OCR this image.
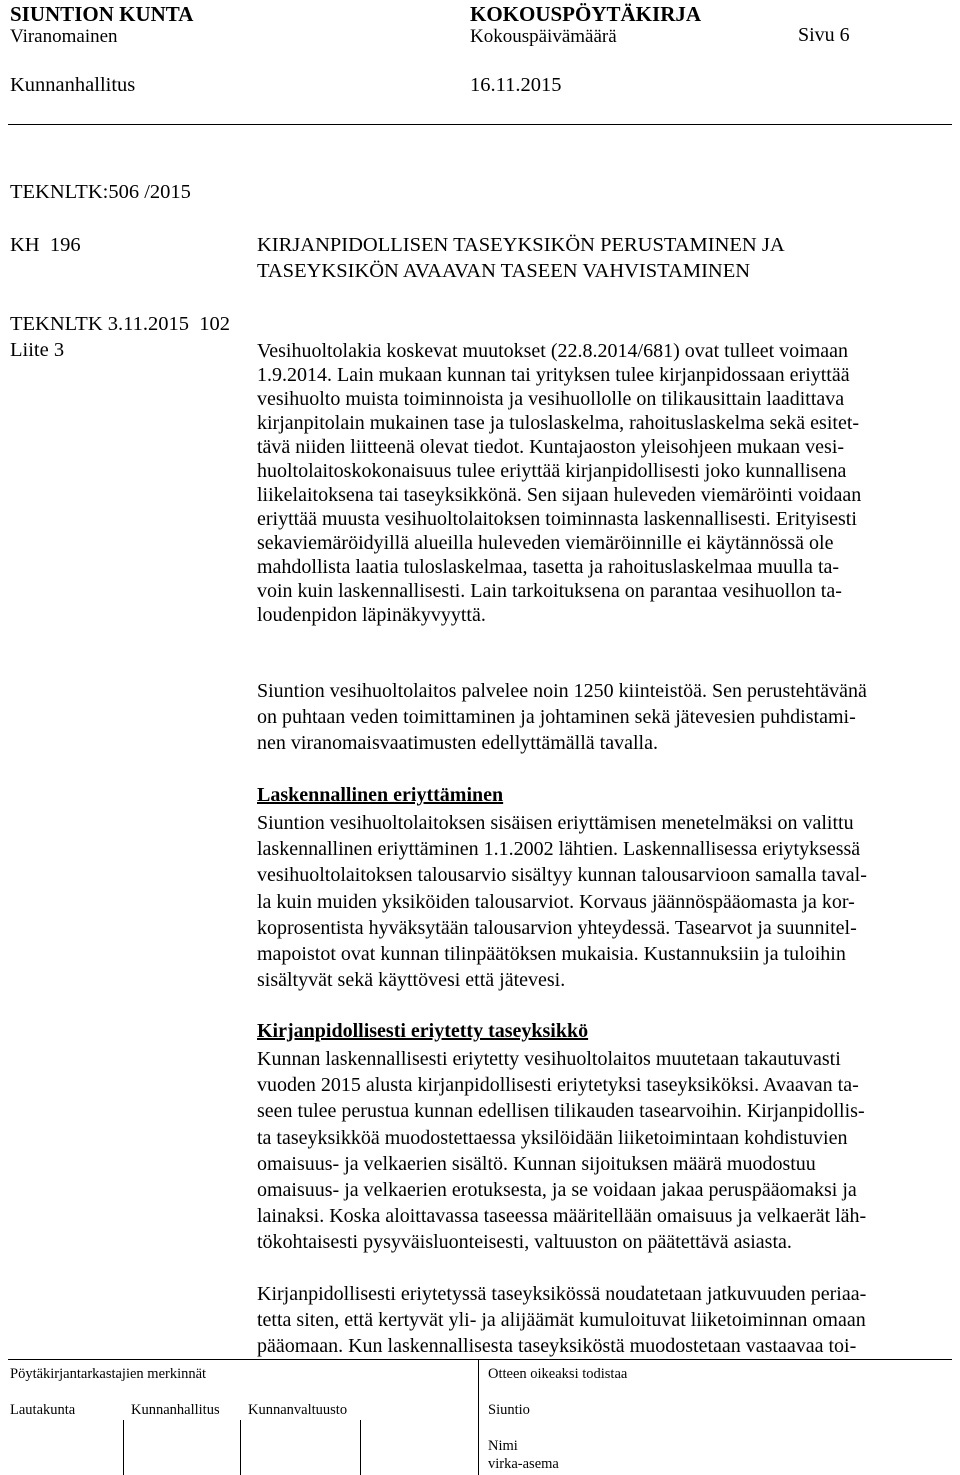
SIUNTION KUNTA	KOKOUSPÖYTÄKIRJA
Viranomainen	Kokouspäivämäärä	Sivu 6
Kunnanhallitus	16.11.2015
TEKNLTK:506 /2015
KH  196	KIRJANPIDOLLISEN TASEYKSIKÖN PERUSTAMINEN JA
TASEYKSIKÖN AVAAVAN TASEEN VAHVISTAMINEN
TEKNLTK 3.11.2015  102
Liite 3	Vesihuoltolakia koskevat muutokset (22.8.2014/681) ovat tulleet voimaan
1.9.2014. Lain mukaan kunnan tai yrityksen tulee kirjanpidossaan eriyttää
vesihuolto muista toiminnoista ja vesihuollolle on tilikausittain laadittava
kirjanpitolain mukainen tase ja tuloslaskelma, rahoituslaskelma sekä esitet-
tävä niiden liitteenä olevat tiedot. Kuntajaoston yleisohjeen mukaan vesi-
huoltolaitoskokonaisuus tulee eriyttää kirjanpidollisesti joko kunnallisena
liikelaitoksena tai taseyksikkönä. Sen sijaan huleveden viemäröinti voidaan
eriyttää muusta vesihuoltolaitoksen toiminnasta laskennallisesti. Erityisesti
sekaviemäröidyillä alueilla huleveden viemäröinnille ei käytännössä ole
mahdollista laatia tuloslaskelmaa, tasetta ja rahoituslaskelmaa muulla ta-
voin kuin laskennallisesti. Lain tarkoituksena on parantaa vesihuollon ta-
loudenpidon läpinäkyvyyttä.
Siuntion vesihuoltolaitos palvelee noin 1250 kiinteistöä. Sen perustehtävänä
on puhtaan veden toimittaminen ja johtaminen sekä jätevesien puhdistami-
nen viranomaisvaatimusten edellyttämällä tavalla.
Laskennallinen eriyttäminen
Siuntion vesihuoltolaitoksen sisäisen eriyttämisen menetelmäksi on valittu
laskennallinen eriyttäminen 1.1.2002 lähtien. Laskennallisessa eriytyksessä
vesihuoltolaitoksen talousarvio sisältyy kunnan talousarvioon samalla taval-
la kuin muiden yksiköiden talousarviot. Korvaus jäännöspääomasta ja kor-
koprosentista hyväksytään talousarvion yhteydessä. Tasearvot ja suunnitel-
mapoistot ovat kunnan tilinpäätöksen mukaisia. Kustannuksiin ja tuloihin
sisältyvät sekä käyttövesi että jätevesi.
Kirjanpidollisesti eriytetty taseyksikkö
Kunnan laskennallisesti eriytetty vesihuoltolaitos muutetaan takautuvasti
vuoden 2015 alusta kirjanpidollisesti eriytetyksi taseyksiköksi. Avaavan ta-
seen tulee perustua kunnan edellisen tilikauden tasearvoihin. Kirjanpidollis-
ta taseyksikköä muodostettaessa yksilöidään liiketoimintaan kohdistuvien
omaisuus- ja velkaerien sisältö. Kunnan sijoituksen määrä muodostuu
omaisuus- ja velkaerien erotuksesta, ja se voidaan jakaa peruspääomaksi ja
lainaksi. Koska aloittavassa taseessa määritellään omaisuus ja velkaerät läh-
tökohtaisesti pysyväisluonteisesti, valtuuston on päätettävä asiasta.
Kirjanpidollisesti eriytetyssä taseyksikössä noudatetaan jatkuvuuden periaa-
tetta siten, että kertyvät yli- ja alijäämät kumuloituvat liiketoiminnan omaan
pääomaan. Kun laskennallisesta taseyksiköstä muodostetaan vastaavaa toi-
Pöytäkirjantarkastajien merkinnät	Otteen oikeaksi todistaa
Lautakunta	Kunnanhallitus Kunnanvaltuusto	Siuntio
Nimi
virka-asema
